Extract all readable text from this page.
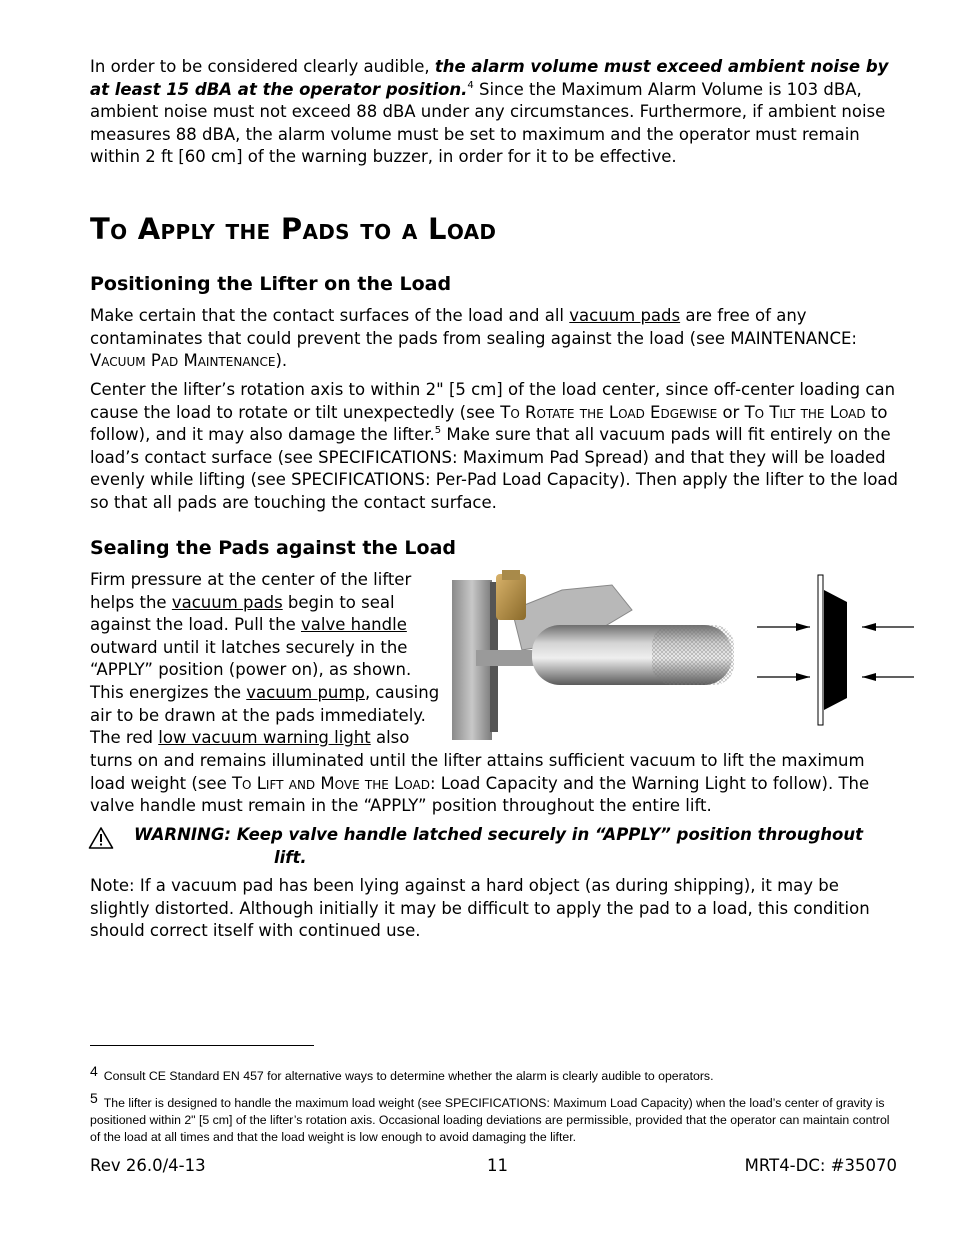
In order to be considered clearly audible, the alarm volume must exceed ambient noise by at least 15 dBA at the operator position.$^4$ Since the Maximum Alarm Volume is 103 dBA, ambient noise must not exceed 88 dBA under any circumstances. Furthermore, if ambient noise measures 88 dBA, the alarm volume must be set to maximum and the operator must remain within 2 ft [60 cm] of the warning buzzer, in order for it to be effective.

To Apply the Pads to a Load
Positioning the Lifter on the Load

Make certain that the contact surfaces of the load and all vacuum pads are free of any contaminates that could prevent the pads from sealing against the load (see MAINTENANCE: Vacuum Pad Maintenance).

Center the lifter’s rotation axis to within 2" [5 cm] of the load center, since off-center loading can cause the load to rotate or tilt unexpectedly (see To Rotate the Load Edgewise or To Tilt the Load to follow), and it may also damage the lifter.$^5$ Make sure that all vacuum pads will fit entirely on the load’s contact surface (see SPECIFICATIONS: Maximum Pad Spread) and that they will be loaded evenly while lifting (see SPECIFICATIONS: Per-Pad Load Capacity). Then apply the lifter to the load so that all pads are touching the contact surface.

Sealing the Pads against the Load
Firm pressure at the center of the lifter
helps the vacuum pads begin to seal
against the load. Pull the valve handle
outward until it latches securely in the
“APPLY” position (power on), as shown.
This energizes the vacuum pump, causing
air to be drawn at the pads immediately.
The red low vacuum warning light also

turns on and remains illuminated until the lifter attains sufficient vacuum to lift the maximum load weight (see To Lift and Move the Load: Load Capacity and the Warning Light to follow). The valve handle must remain in the “APPLY” position throughout the entire lift.

WARNING: Keep valve handle latched securely in “APPLY” position throughout
lift.

Note: If a vacuum pad has been lying against a hard object (as during shipping), it may be slightly distorted. Although initially it may be difficult to apply the pad to a load, this condition should correct itself with continued use.

4 Consult CE Standard EN 457 for alternative ways to determine whether the alarm is clearly audible to operators.

5 The lifter is designed to handle the maximum load weight (see SPECIFICATIONS: Maximum Load Capacity) when the load’s center of gravity is positioned within 2" [5 cm] of the lifter’s rotation axis. Occasional loading deviations are permissible, provided that the operator can maintain control of the load at all times and that the load weight is low enough to avoid damaging the lifter.

Rev 26.0/4-13	11	MRT4-DC: #35070
